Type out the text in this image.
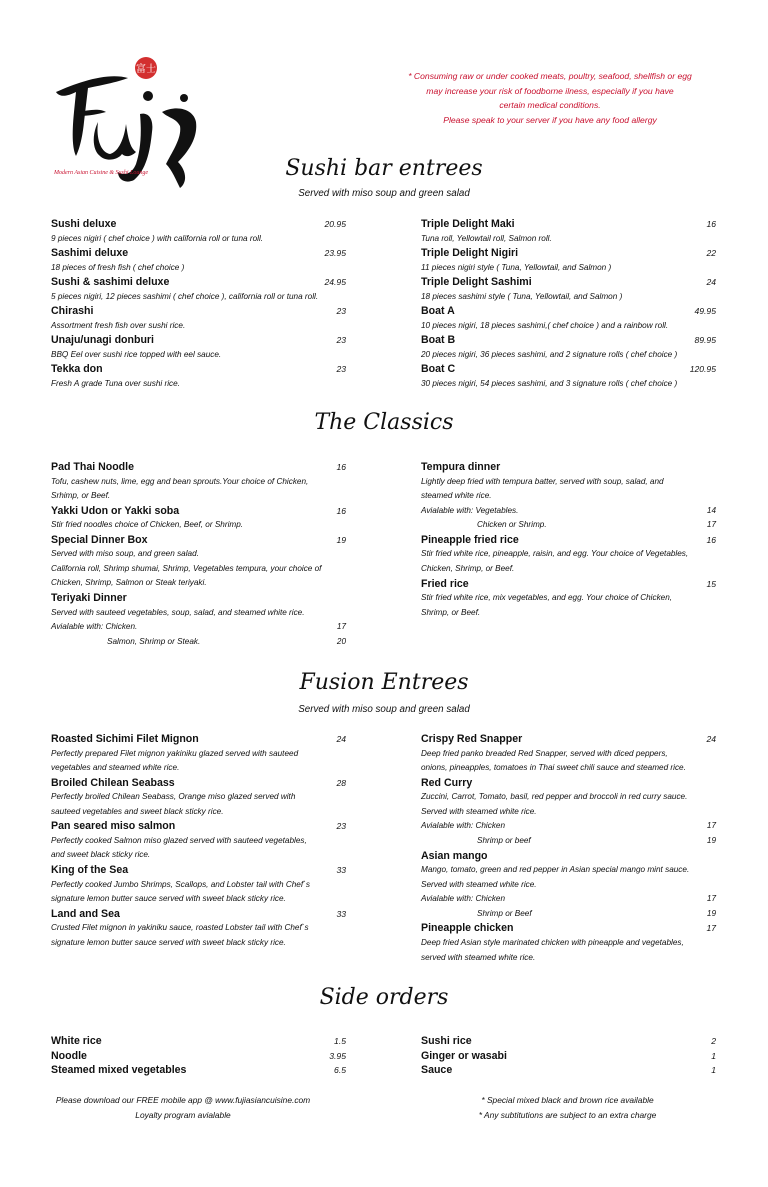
富士
Modern Asian Cuisine & Sushi Lounge
* Consuming raw or under cooked meats, poultry, seafood, shellfish or egg
may increase your risk of foodborne ilness, especially if you have
certain medical conditions.
Please speak to your server if you have any food allergy
Sushi bar entrees
Served with miso soup and green salad
The Classics
Fusion Entrees
Served with miso soup and green salad
Side orders
Sushi deluxe	20.95
9 pieces nigiri ( chef choice ) with california roll or tuna roll.
Sashimi deluxe	23.95
18 pieces of fresh fish ( chef choice )
Sushi & sashimi deluxe	24.95
5 pieces nigiri, 12 pieces sashimi ( chef choice ), california roll or tuna roll.
Chirashi	23
Assortment fresh fish over sushi rice.
Unaju/unagi donburi	23
BBQ Eel over sushi rice topped with eel sauce.
Tekka don	23
Fresh A grade Tuna over sushi rice.
Triple Delight Maki	16
Tuna roll, Yellowtail roll, Salmon roll.
Triple Delight Nigiri	22
11 pieces nigiri style ( Tuna, Yellowtail, and Salmon )
Triple Delight Sashimi	24
18 pieces sashimi style ( Tuna, Yellowtail, and Salmon )
Boat A	49.95
10 pieces nigiri, 18 pieces sashimi,( chef choice ) and a rainbow roll.
Boat B	89.95
20 pieces nigiri, 36 pieces sashimi, and 2 signature rolls ( chef choice )
Boat C	120.95
30 pieces nigiri, 54 pieces sashimi, and 3 signature rolls ( chef choice )
Pad Thai Noodle	16
Tofu, cashew nuts, lime, egg and bean sprouts.Your choice of Chicken,
Srhimp, or Beef.
Yakki Udon or Yakki soba	16
Stir fried noodles choice of Chicken, Beef, or Shrimp.
Special Dinner Box	19
Served with miso soup, and green salad.
California roll, Shrimp shumai, Shrimp, Vegetables tempura, your choice of
Chicken, Shrimp, Salmon or Steak teriyaki.
Teriyaki Dinner
Served with sauteed vegetables, soup, salad, and steamed white rice.
Avialable with: Chicken.	17
Salmon, Shrimp or Steak.	20
Tempura dinner
Lightly deep fried with tempura batter, served with soup, salad, and
steamed white rice.
Avialable with: Vegetables.	14
Chicken or Shrimp.	17
Pineapple fried rice	16
Stir fried white rice, pineapple, raisin, and egg. Your choice of Vegetables,
Chicken, Shrimp, or Beef.
Fried rice	15
Stir fried white rice, mix vegetables, and egg. Your choice of Chicken,
Shrimp, or Beef.
Roasted Sichimi Filet Mignon	24
Perfectly prepared Filet mignon yakiniku glazed served with sauteed
vegetables and steamed white rice.
Broiled Chilean Seabass	28
Perfectly broiled Chilean Seabass, Orange miso glazed served with
sauteed vegetables and sweet black sticky rice.
Pan seared miso salmon	23
Perfectly cooked Salmon miso glazed served with sauteed vegetables,
and sweet black sticky rice.
King of the Sea	33
Perfectly cooked Jumbo Shrimps, Scallops, and Lobster tail with Chef`s
signature lemon butter sauce served with sweet black sticky rice.
Land and Sea	33
Crusted Filet mignon in yakiniku sauce, roasted Lobster tail with Chef`s
signature lemon butter sauce served with sweet black sticky rice.
Crispy Red Snapper	24
Deep fried panko breaded Red Snapper, served with diced peppers,
onions, pineapples, tomatoes in Thai sweet chili sauce and steamed rice.
Red Curry
Zuccini, Carrot, Tomato, basil, red pepper and broccoli in red curry sauce.
Served with steamed white rice.
Avialable with: Chicken	17
Shrimp or beef	19
Asian mango
Mango, tomato, green and red pepper in Asian special mango mint sauce.
Served with steamed white rice.
Avialable with: Chicken	17
Shrimp or Beef	19
Pineapple chicken	17
Deep fried Asian style marinated chicken with pineapple and vegetables,
served with steamed white rice.
White rice	1.5
Noodle	3.95
Steamed mixed vegetables	6.5
Sushi rice	2
Ginger or wasabi	1
Sauce	1
Please download our FREE mobile app @ www.fujiasiancuisine.com
Loyalty program avialable
* Special mixed black and brown rice available
* Any subtitutions are subject to an extra charge
